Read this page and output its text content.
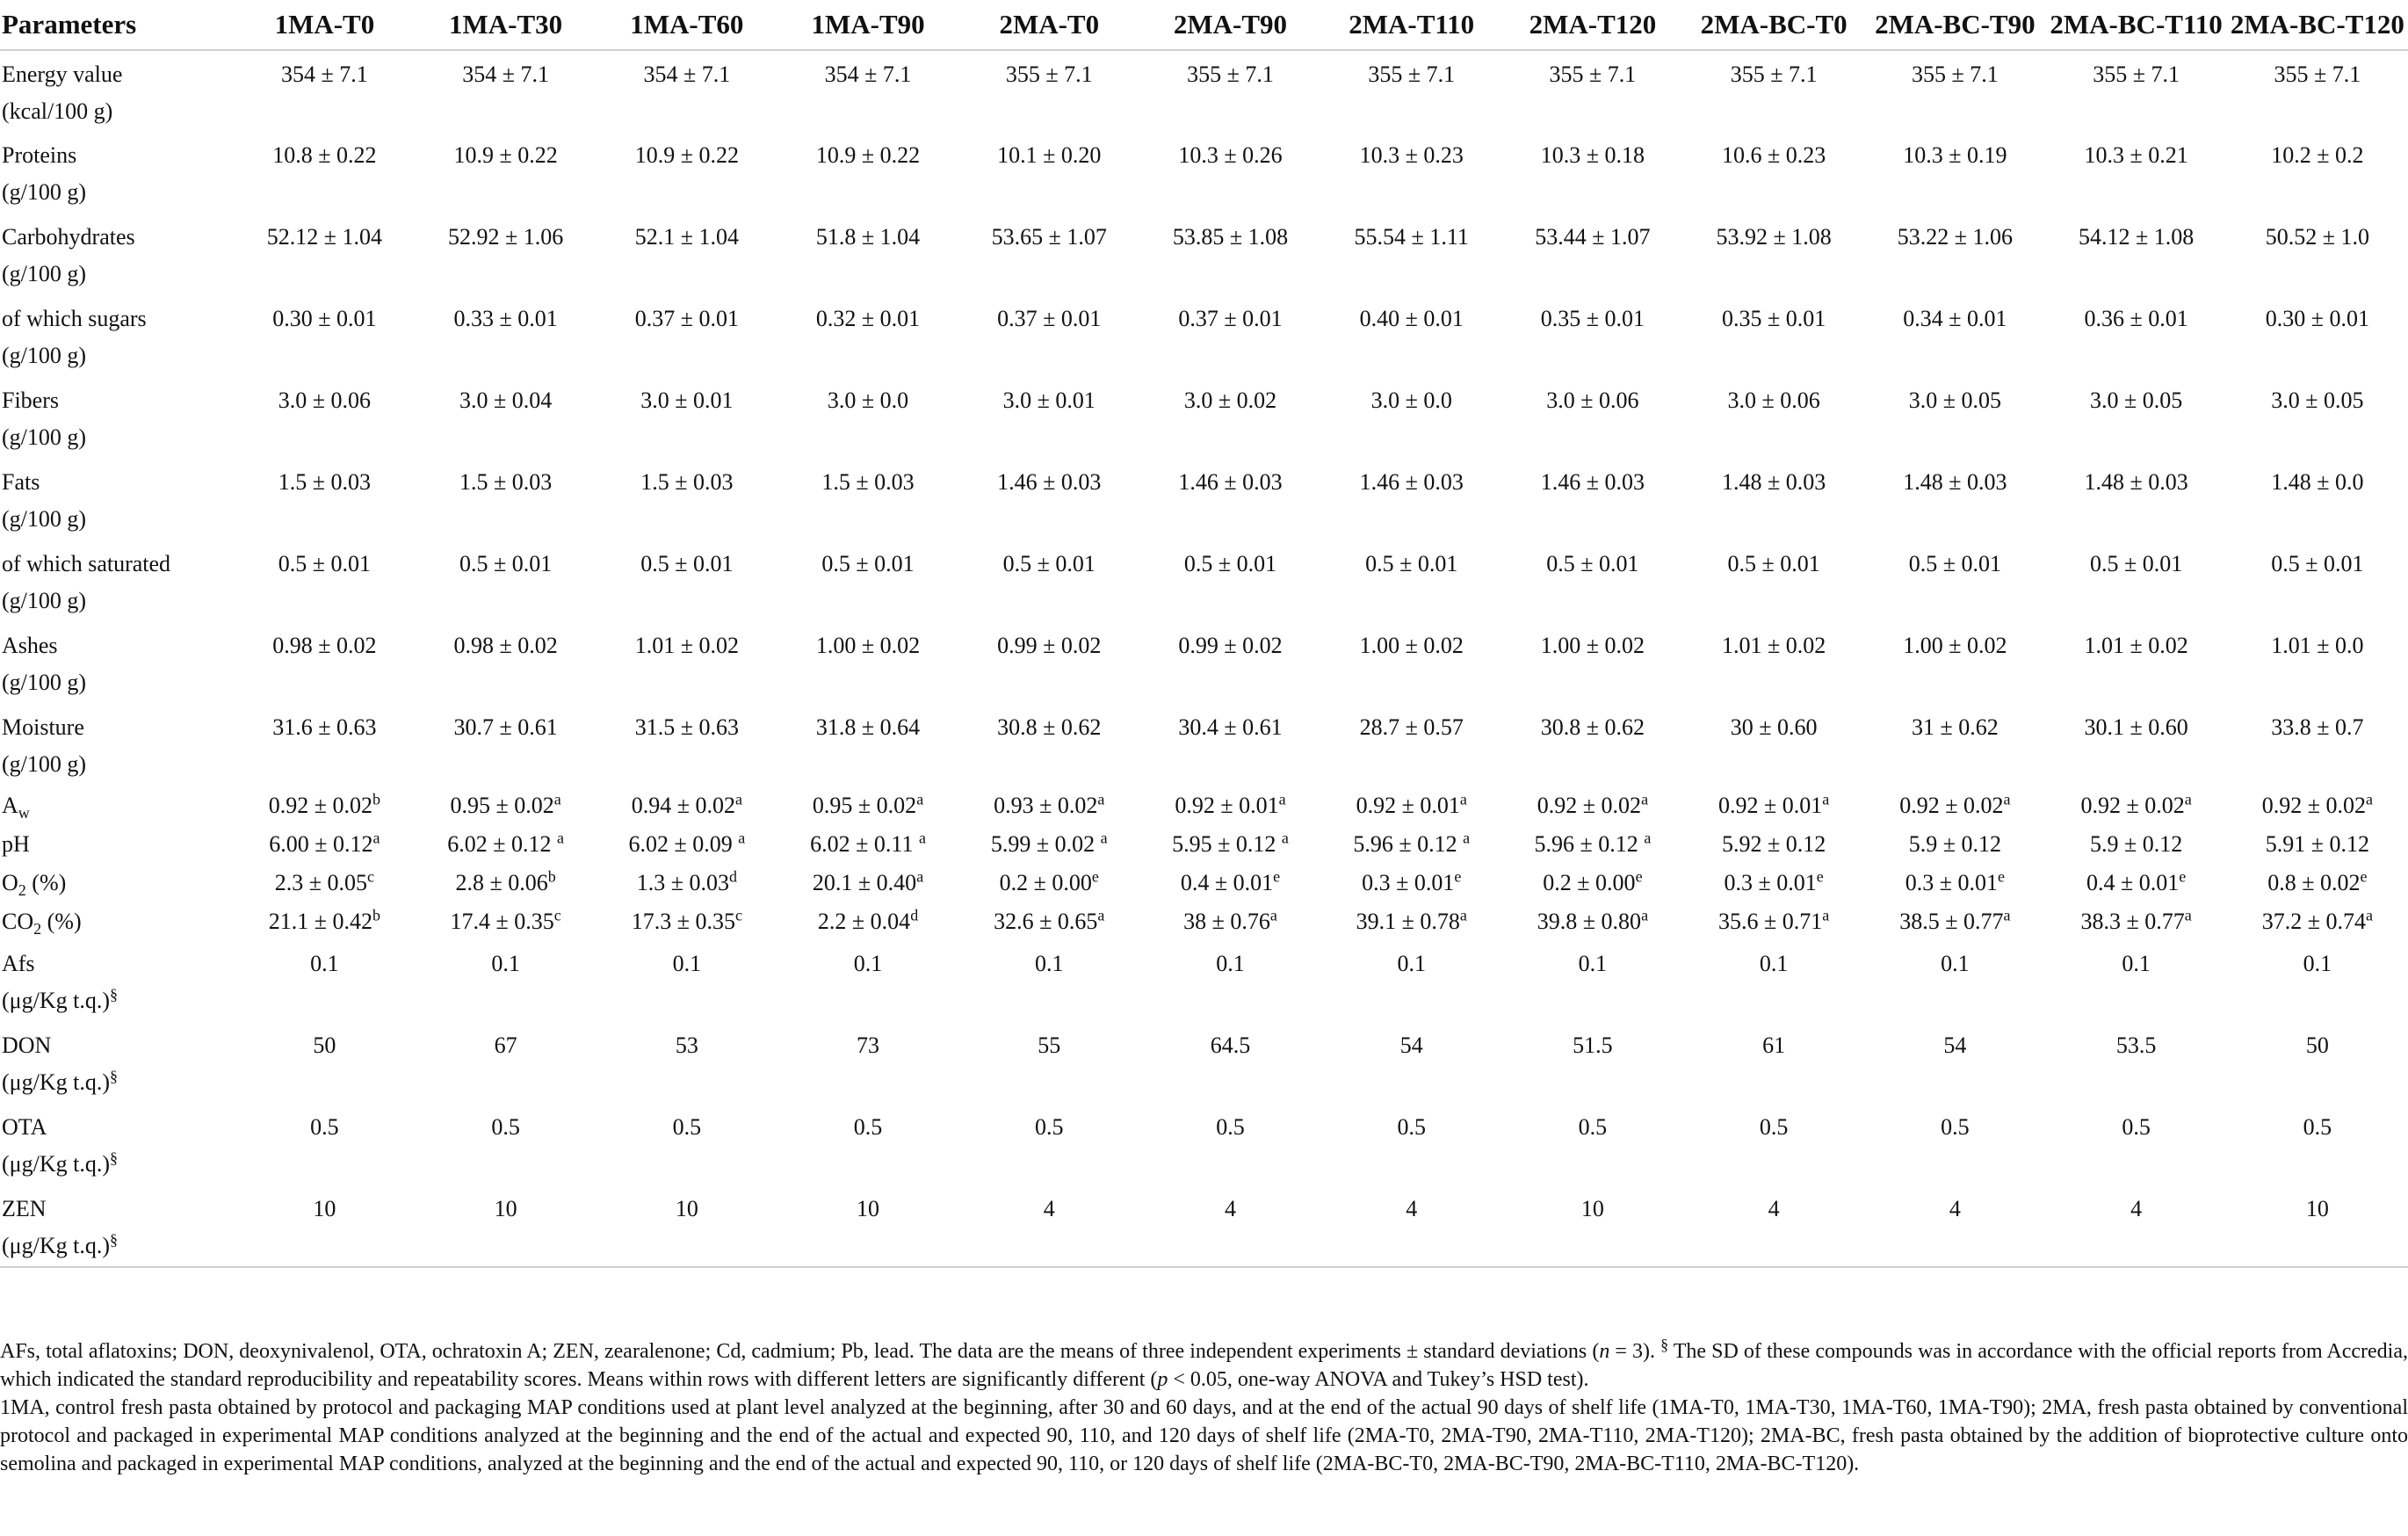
Parameters	1MA-T0	1MA-T30	1MA-T60	1MA-T90	2MA-T0	2MA-T90	2MA-T110	2MA-T120	2MA-BC-T0	2MA-BC-T90	2MA-BC-T110	2MA-BC-T120
Energy value
(kcal/100 g)	354 ± 7.1	354 ± 7.1	354 ± 7.1	354 ± 7.1	355 ± 7.1	355 ± 7.1	355 ± 7.1	355 ± 7.1	355 ± 7.1	355 ± 7.1	355 ± 7.1	355 ± 7.1
Proteins
(g/100 g)	10.8 ± 0.22	10.9 ± 0.22	10.9 ± 0.22	10.9 ± 0.22	10.1 ± 0.20	10.3 ± 0.26	10.3 ± 0.23	10.3 ± 0.18	10.6 ± 0.23	10.3 ± 0.19	10.3 ± 0.21	10.2 ± 0.2
Carbohydrates
(g/100 g)	52.12 ± 1.04	52.92 ± 1.06	52.1 ± 1.04	51.8 ± 1.04	53.65 ± 1.07	53.85 ± 1.08	55.54 ± 1.11	53.44 ± 1.07	53.92 ± 1.08	53.22 ± 1.06	54.12 ± 1.08	50.52 ± 1.0
of which sugars
(g/100 g)	0.30 ± 0.01	0.33 ± 0.01	0.37 ± 0.01	0.32 ± 0.01	0.37 ± 0.01	0.37 ± 0.01	0.40 ± 0.01	0.35 ± 0.01	0.35 ± 0.01	0.34 ± 0.01	0.36 ± 0.01	0.30 ± 0.01
Fibers
(g/100 g)	3.0 ± 0.06	3.0 ± 0.04	3.0 ± 0.01	3.0 ± 0.0	3.0 ± 0.01	3.0 ± 0.02	3.0 ± 0.0	3.0 ± 0.06	3.0 ± 0.06	3.0 ± 0.05	3.0 ± 0.05	3.0 ± 0.05
Fats
(g/100 g)	1.5 ± 0.03	1.5 ± 0.03	1.5 ± 0.03	1.5 ± 0.03	1.46 ± 0.03	1.46 ± 0.03	1.46 ± 0.03	1.46 ± 0.03	1.48 ± 0.03	1.48 ± 0.03	1.48 ± 0.03	1.48 ± 0.0
of which saturated
(g/100 g)	0.5 ± 0.01	0.5 ± 0.01	0.5 ± 0.01	0.5 ± 0.01	0.5 ± 0.01	0.5 ± 0.01	0.5 ± 0.01	0.5 ± 0.01	0.5 ± 0.01	0.5 ± 0.01	0.5 ± 0.01	0.5 ± 0.01
Ashes
(g/100 g)	0.98 ± 0.02	0.98 ± 0.02	1.01 ± 0.02	1.00 ± 0.02	0.99 ± 0.02	0.99 ± 0.02	1.00 ± 0.02	1.00 ± 0.02	1.01 ± 0.02	1.00 ± 0.02	1.01 ± 0.02	1.01 ± 0.0
Moisture
(g/100 g)	31.6 ± 0.63	30.7 ± 0.61	31.5 ± 0.63	31.8 ± 0.64	30.8 ± 0.62	30.4 ± 0.61	28.7 ± 0.57	30.8 ± 0.62	30 ± 0.60	31 ± 0.62	30.1 ± 0.60	33.8 ± 0.7
$A_w$	0.92 ± 0.02$^b$	0.95 ± 0.02$^a$	0.94 ± 0.02$^a$	0.95 ± 0.02$^a$	0.93 ± 0.02$^a$	0.92 ± 0.01$^a$	0.92 ± 0.01$^a$	0.92 ± 0.02$^a$	0.92 ± 0.01$^a$	0.92 ± 0.02$^a$	0.92 ± 0.02$^a$	0.92 ± 0.02$^a$
pH	6.00 ± 0.12$^a$	6.02 ± 0.12 $^a$	6.02 ± 0.09 $^a$	6.02 ± 0.11 $^a$	5.99 ± 0.02 $^a$	5.95 ± 0.12 $^a$	5.96 ± 0.12 $^a$	5.96 ± 0.12 $^a$	5.92 ± 0.12	5.9 ± 0.12	5.9 ± 0.12	5.91 ± 0.12
$O_2$ (%)	2.3 ± 0.05$^c$	2.8 ± 0.06$^b$	1.3 ± 0.03$^d$	20.1 ± 0.40$^a$	0.2 ± 0.00$^e$	0.4 ± 0.01$^e$	0.3 ± 0.01$^e$	0.2 ± 0.00$^e$	0.3 ± 0.01$^e$	0.3 ± 0.01$^e$	0.4 ± 0.01$^e$	0.8 ± 0.02$^e$
$CO_2$ (%)	21.1 ± 0.42$^b$	17.4 ± 0.35$^c$	17.3 ± 0.35$^c$	2.2 ± 0.04$^d$	32.6 ± 0.65$^a$	38 ± 0.76$^a$	39.1 ± 0.78$^a$	39.8 ± 0.80$^a$	35.6 ± 0.71$^a$	38.5 ± 0.77$^a$	38.3 ± 0.77$^a$	37.2 ± 0.74$^a$
Afs
(μg/Kg t.q.)§	0.1	0.1	0.1	0.1	0.1	0.1	0.1	0.1	0.1	0.1	0.1	0.1
DON
(μg/Kg t.q.)§	50	67	53	73	55	64.5	54	51.5	61	54	53.5	50
OTA
(μg/Kg t.q.)§	0.5	0.5	0.5	0.5	0.5	0.5	0.5	0.5	0.5	0.5	0.5	0.5
ZEN
(μg/Kg t.q.)§	10	10	10	10	4	4	4	10	4	4	4	10

AFs, total aflatoxins; DON, deoxynivalenol, OTA, ochratoxin A; ZEN, zearalenone; Cd, cadmium; Pb, lead. The data are the means of three independent experiments ± standard deviations (n = 3). § The SD of these compounds was in accordance with the official reports from Accredia, which indicated the standard reproducibility and repeatability scores. Means within rows with different letters are significantly different (p < 0.05, one-way ANOVA and Tukey’s HSD test).

1MA, control fresh pasta obtained by protocol and packaging MAP conditions used at plant level analyzed at the beginning, after 30 and 60 days, and at the end of the actual 90 days of shelf life (1MA-T0, 1MA-T30, 1MA-T60, 1MA-T90); 2MA, fresh pasta obtained by conventional protocol and packaged in experimental MAP conditions analyzed at the beginning and the end of the actual and expected 90, 110, and 120 days of shelf life (2MA-T0, 2MA-T90, 2MA-T110, 2MA-T120); 2MA-BC, fresh pasta obtained by the addition of bioprotective culture onto semolina and packaged in experimental MAP conditions, analyzed at the beginning and the end of the actual and expected 90, 110, or 120 days of shelf life (2MA-BC-T0, 2MA-BC-T90, 2MA-BC-T110, 2MA-BC-T120).
